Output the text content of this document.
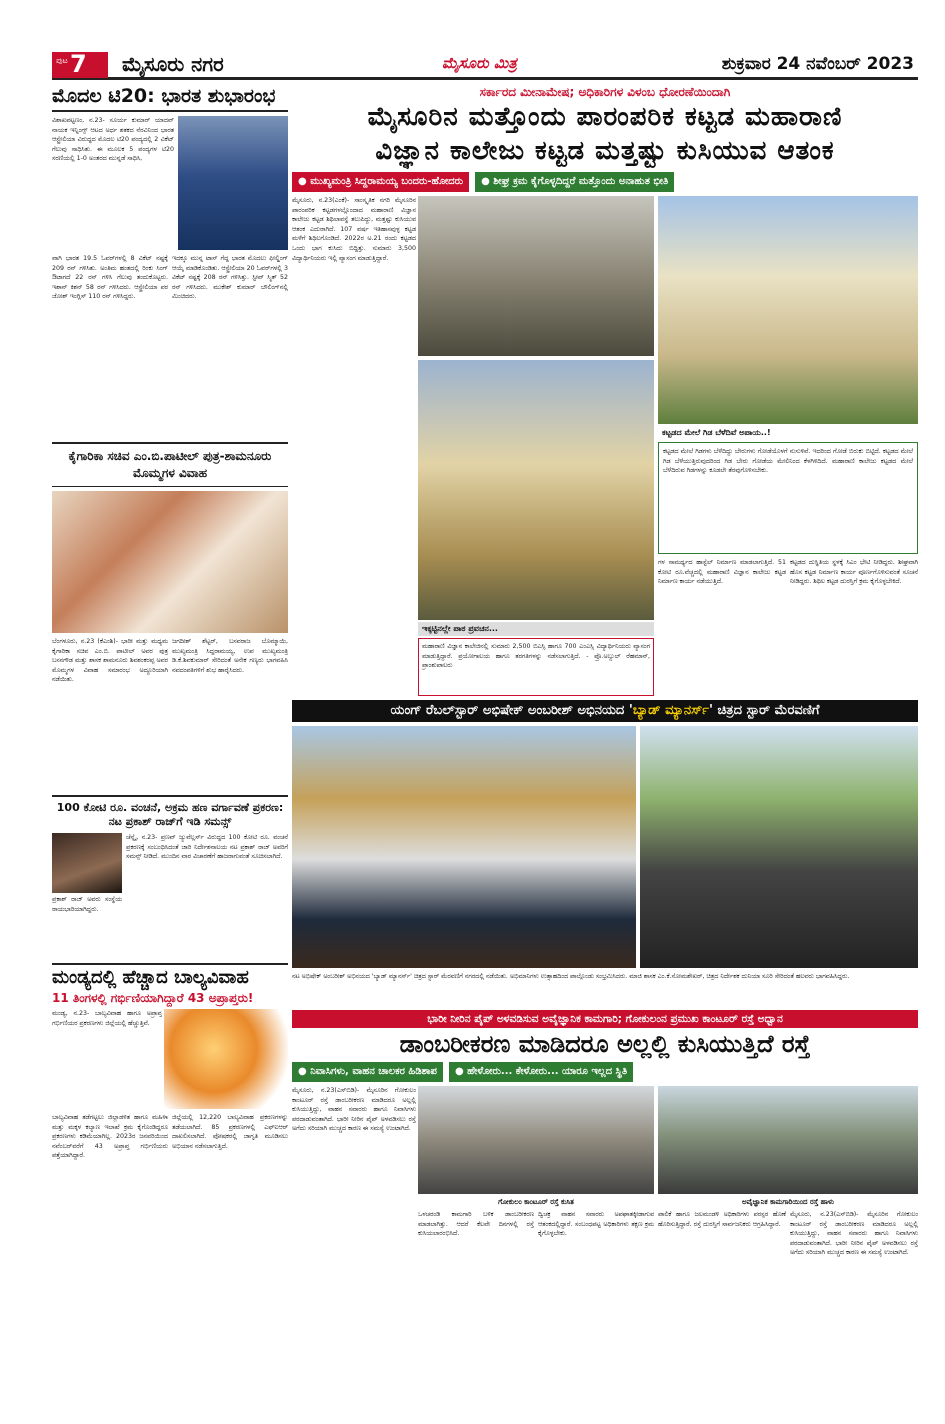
ಪುಟ 7 ಮೈಸೂರು ನಗರ	ಮೈಸೂರು ಮಿತ್ರ	ಶುಕ್ರವಾರ 24 ನವೆಂಬರ್ 2023
ಮೊದಲ ಟಿ20: ಭಾರತ ಶುಭಾರಂಭ
ವಿಶಾಖಪಟ್ಟಣಂ, ನ.23- ಸೂರ್ಯ ಕುಮಾರ್ ಯಾದವ್ ನಾಯಕ ಇನ್ನಿಂಗ್ಸ್ ಆಟದ ಅರ್ಧ ಶತಕದ ನೆರವಿನಿಂದ ಭಾರತ ಆಸ್ಟ್ರೇಲಿಯಾ ವಿರುದ್ಧದ ಮೊದಲ ಟಿ20 ಪಂದ್ಯದಲ್ಲಿ 2 ವಿಕೆಟ್ ಗೆಲುವು ಸಾಧಿಸಿತು. ಈ ಮೂಲಕ 5 ಪಂದ್ಯಗಳ ಟಿ20 ಸರಣಿಯಲ್ಲಿ 1-0 ಅಂತರದ ಮುನ್ನಡೆ ಸಾಧಿಸಿ,
ವಾಗಿ ಭಾರತ 19.5 ಓವರ್‌ಗಳಲ್ಲಿ 8 ವಿಕೆಟ್ ನಷ್ಟಕ್ಕೆ 209 ರನ್ ಗಳಿಸಿತು. ಅಂತಿಮ ಹಂತದಲ್ಲಿ ರಿಂಕು ಸಿಂಗ್ ಔಟಾಗದೆ 22 ರನ್ ಗಳಿಸಿ ಗೆಲುವು ತಂದುಕೊಟ್ಟರು. ಇಶಾನ್ ಕಿಶನ್ 58 ರನ್ ಗಳಿಸಿದರು. ಆಸ್ಟ್ರೇಲಿಯಾ ಪರ ಜೋಶ್ ಇಂಗ್ಲಿಸ್ 110 ರನ್ ಗಳಿಸಿದ್ದರು.
ಇದಕ್ಕೂ ಮುನ್ನ ಟಾಸ್ ಗೆದ್ದ ಭಾರತ ಮೊದಲು ಫೀಲ್ಡಿಂಗ್ ಆಯ್ಕೆ ಮಾಡಿಕೊಂಡಿತು. ಆಸ್ಟ್ರೇಲಿಯಾ 20 ಓವರ್‌ಗಳಲ್ಲಿ 3 ವಿಕೆಟ್ ನಷ್ಟಕ್ಕೆ 208 ರನ್ ಗಳಿಸಿತ್ತು. ಸ್ಟೀವ್ ಸ್ಮಿತ್ 52 ರನ್ ಗಳಿಸಿದರು. ಮುಕೇಶ್ ಕುಮಾರ್ ಬೌಲಿಂಗ್‌ನಲ್ಲಿ ಮಿಂಚಿದರು.
ಕೈಗಾರಿಕಾ ಸಚಿವ ಎಂ.ಬಿ.ಪಾಟೀಲ್ ಪುತ್ರ-ಶಾಮನೂರು ಮೊಮ್ಮಗಳ ವಿವಾಹ
ಬೆಂಗಳೂರು, ನ.23 (ಕೆಎಂಶಿ)- ಭಾರೀ ಮತ್ತು ಮಧ್ಯಮ ಕೈಗಾರಿಕಾ ಸಚಿವ ಎಂ.ಬಿ. ಪಾಟೀಲ್ ಅವರ ಪುತ್ರ ಬಸನಗೌಡ ಮತ್ತು ಶಾಸಕ ಶಾಮನೂರು ಶಿವಶಂಕರಪ್ಪ ಅವರ ಮೊಮ್ಮಗಳ ವಿವಾಹ ಸಮಾರಂಭ ಅದ್ದೂರಿಯಾಗಿ ನಡೆಯಿತು.
ಜಗದೀಶ್ ಶೆಟ್ಟರ್, ಬಸವರಾಜ ಬೊಮ್ಮಾಯಿ, ಮುಖ್ಯಮಂತ್ರಿ ಸಿದ್ದರಾಮಯ್ಯ, ಉಪ ಮುಖ್ಯಮಂತ್ರಿ ಡಿ.ಕೆ.ಶಿವಕುಮಾರ್ ಸೇರಿದಂತೆ ಅನೇಕ ಗಣ್ಯರು ಭಾಗವಹಿಸಿ ನವದಂಪತಿಗಳಿಗೆ ಶುಭ ಹಾರೈಸಿದರು.
100 ಕೋಟಿ ರೂ. ವಂಚನೆ, ಅಕ್ರಮ ಹಣ ವರ್ಗಾವಣೆ ಪ್ರಕರಣ: ನಟ ಪ್ರಕಾಶ್ ರಾಜ್‌ಗೆ ಇಡಿ ಸಮನ್ಸ್
ಚೆನ್ನೈ, ನ.23- ಪ್ರಣವ್ ಜ್ಯುವೆಲ್ಲರ್ಸ್ ವಿರುದ್ಧದ 100 ಕೋಟಿ ರೂ. ವಂಚನೆ ಪ್ರಕರಣಕ್ಕೆ ಸಂಬಂಧಿಸಿದಂತೆ ಜಾರಿ ನಿರ್ದೇಶನಾಲಯ ನಟ ಪ್ರಕಾಶ್ ರಾಜ್ ಅವರಿಗೆ ಸಮನ್ಸ್ ನೀಡಿದೆ. ಮುಂದಿನ ವಾರ ವಿಚಾರಣೆಗೆ ಹಾಜರಾಗುವಂತೆ ಸೂಚಿಸಲಾಗಿದೆ.
ಪ್ರಕಾಶ್ ರಾಜ್ ಅವರು ಸಂಸ್ಥೆಯ ರಾಯಭಾರಿಯಾಗಿದ್ದರು.
ಮಂಡ್ಯದಲ್ಲಿ ಹೆಚ್ಚಾದ ಬಾಲ್ಯವಿವಾಹ
11 ತಿಂಗಳಲ್ಲಿ ಗರ್ಭಿಣಿಯಾಗಿದ್ದಾರೆ 43 ಅಪ್ರಾಪ್ತರು!
ಮಂಡ್ಯ, ನ.23- ಬಾಲ್ಯವಿವಾಹ ಹಾಗೂ ಅಪ್ರಾಪ್ತ ಗರ್ಭಿಣಿಯರ ಪ್ರಕರಣಗಳು ಜಿಲ್ಲೆಯಲ್ಲಿ ಹೆಚ್ಚುತ್ತಿವೆ.
ಬಾಲ್ಯವಿವಾಹ ತಡೆಗಟ್ಟಲು ಜಿಲ್ಲಾಡಳಿತ ಹಾಗೂ ಮಹಿಳಾ ಮತ್ತು ಮಕ್ಕಳ ಕಲ್ಯಾಣ ಇಲಾಖೆ ಕ್ರಮ ಕೈಗೊಂಡಿದ್ದರೂ ಪ್ರಕರಣಗಳು ಕಡಿಮೆಯಾಗಿಲ್ಲ. 2023ರ ಜನವರಿಯಿಂದ ನವೆಂಬರ್‌ವರೆಗೆ 43 ಅಪ್ರಾಪ್ತ ಗರ್ಭಿಣಿಯರು ಪತ್ತೆಯಾಗಿದ್ದಾರೆ.
ಜಿಲ್ಲೆಯಲ್ಲಿ 12,220 ಬಾಲ್ಯವಿವಾಹ ಪ್ರಕರಣಗಳನ್ನು ತಡೆಯಲಾಗಿದೆ. 85 ಪ್ರಕರಣಗಳಲ್ಲಿ ಎಫ್‌ಐಆರ್ ದಾಖಲಿಸಲಾಗಿದೆ. ಪೋಷಕರಲ್ಲಿ ಜಾಗೃತಿ ಮೂಡಿಸಲು ಅಭಿಯಾನ ನಡೆಸಲಾಗುತ್ತಿದೆ.
ಸರ್ಕಾರದ ಮೀನಾಮೇಷ; ಅಧಿಕಾರಿಗಳ ವಿಳಂಬ ಧೋರಣೆಯಿಂದಾಗಿ
ಮೈಸೂರಿನ ಮತ್ತೊಂದು ಪಾರಂಪರಿಕ ಕಟ್ಟಡ ಮಹಾರಾಣಿ
ವಿಜ್ಞಾನ ಕಾಲೇಜು ಕಟ್ಟಡ ಮತ್ತಷ್ಟು ಕುಸಿಯುವ ಆತಂಕ
● ಮುಖ್ಯಮಂತ್ರಿ ಸಿದ್ದರಾಮಯ್ಯ ಬಂದರು-ಹೋದರು	● ಶೀಘ್ರ ಕ್ರಮ ಕೈಗೊಳ್ಳದಿದ್ದರೆ ಮತ್ತೊಂದು ಅನಾಹುತ ಭೀತಿ
ಮೈಸೂರು, ನ.23(ಎಂಕೆ)- ಸಾಂಸ್ಕೃತಿಕ ನಗರಿ ಮೈಸೂರಿನ ಪಾರಂಪರಿಕ ಕಟ್ಟಡಗಳಲ್ಲೊಂದಾದ ಮಹಾರಾಣಿ ವಿಜ್ಞಾನ ಕಾಲೇಜು ಕಟ್ಟಡ ಶಿಥಿಲಾವಸ್ಥೆ ತಲುಪಿದ್ದು, ಮತ್ತಷ್ಟು ಕುಸಿಯುವ ಆತಂಕ ಎದುರಾಗಿದೆ. 107 ವರ್ಷ ಇತಿಹಾಸವುಳ್ಳ ಕಟ್ಟಡ ಮಳೆಗೆ ಶಿಥಿಲಗೊಂಡಿದೆ. 2022ರ ಅ.21 ರಂದು ಕಟ್ಟಡದ ಒಂದು ಭಾಗ ಕುಸಿದು ಬಿದ್ದಿತ್ತು. ಸುಮಾರು 3,500 ವಿದ್ಯಾರ್ಥಿನಿಯರು ಇಲ್ಲಿ ವ್ಯಾಸಂಗ ಮಾಡುತ್ತಿದ್ದಾರೆ.
ಕಟ್ಟಡದ ಮೇಲೆ ಗಿಡ ಬೆಳೆದಿವೆ ಅಪಾಯ..!
ಕಟ್ಟಡದ ಮೇಲೆ ಗಿಡಗಳು ಬೆಳೆದಿದ್ದು ಬೇರುಗಳು ಗೋಡೆಯೊಳಗೆ ನುಸುಳಿವೆ. ಇದರಿಂದ ಗೋಡೆ ಬಿರುಕು ಬಿಟ್ಟಿದೆ. ಕಟ್ಟಡದ ಮೇಲೆ ಗಿಡ ಬೆಳೆಯುತ್ತಿರುವುದರಿಂದ ಗಿಡ ಬೇರು ಗೋಡೆಯ ಮೇಲಿನಿಂದ ಕೆಳಗಿಳಿದಿದೆ. ಮಹಾರಾಣಿ ಕಾಲೇಜು ಕಟ್ಟಡದ ಮೇಲೆ ಬೆಳೆದಿರುವ ಗಿಡಗಳನ್ನು ಕೂಡಲೇ ತೆರವುಗೊಳಿಸಬೇಕು.
ಇಕ್ಕಟ್ಟಿನಲ್ಲೇ ಪಾಠ ಪ್ರವಚನ...
ಮಹಾರಾಣಿ ವಿಜ್ಞಾನ ಕಾಲೇಜಿನಲ್ಲಿ ಸುಮಾರು 2,500 ಬಿಎಸ್ಸಿ ಹಾಗೂ 700 ಎಂಎಸ್ಸಿ ವಿದ್ಯಾರ್ಥಿನಿಯರು ವ್ಯಾಸಂಗ ಮಾಡುತ್ತಿದ್ದಾರೆ. ಪ್ರಯೋಗಾಲಯ ಹಾಗೂ ತರಗತಿಗಳನ್ನು ನಡೆಸಲಾಗುತ್ತಿದೆ. - ಪ್ರೊ.ಅಬ್ದುಲ್ ರೆಹಮಾನ್, ಪ್ರಾಂಶುಪಾಲರು
ಗಳ ಸಾಮರ್ಥ್ಯದ ಹಾಸ್ಟೆಲ್ ನಿರ್ಮಾಣ ಮಾಡಲಾಗುತ್ತಿದೆ. 51 ಕೋಟಿ ರೂ.ವೆಚ್ಚದಲ್ಲಿ ಮಹಾರಾಣಿ ವಿಜ್ಞಾನ ಕಾಲೇಜು ಕಟ್ಟಡ ನಿರ್ಮಾಣ ಕಾರ್ಯ ನಡೆಯುತ್ತಿದೆ.
ಕಟ್ಟಡದ ದುಸ್ಥಿತಿಯ ಸ್ಥಳಕ್ಕೆ ಸಿಎಂ ಭೇಟಿ ನೀಡಿದ್ದರು. ಶೀಘ್ರವಾಗಿ ಹೊಸ ಕಟ್ಟಡ ನಿರ್ಮಾಣ ಕಾರ್ಯ ಪೂರ್ಣಗೊಳಿಸುವಂತೆ ಸೂಚನೆ ನೀಡಿದ್ದರು. ಶಿಥಿಲ ಕಟ್ಟಡ ದುರಸ್ತಿಗೆ ಕ್ರಮ ಕೈಗೊಳ್ಳಬೇಕಿದೆ.
ಯಂಗ್ ರೆಬಲ್‌ಸ್ಟಾರ್ ಅಭಿಷೇಕ್ ಅಂಬರೀಶ್ ಅಭಿನಯದ 'ಬ್ಯಾಡ್ ಮ್ಯಾನರ್ಸ್' ಚಿತ್ರದ ಸ್ಟಾರ್ ಮೆರವಣಿಗೆ
ನಟ ಅಭಿಷೇಕ್ ಅಂಬರೀಶ್ ಅಭಿನಯದ 'ಬ್ಯಾಡ್ ಮ್ಯಾನರ್ಸ್' ಚಿತ್ರದ ಸ್ಟಾರ್ ಮೆರವಣಿಗೆ ನಗರದಲ್ಲಿ ನಡೆಯಿತು. ಅಭಿಮಾನಿಗಳು ಉತ್ಸಾಹದಿಂದ ಪಾಲ್ಗೊಂಡು ಸಂಭ್ರಮಿಸಿದರು. ಮಾಜಿ ಶಾಸಕ ಎಂ.ಕೆ.ಸೋಮಶೇಖರ್, ಚಿತ್ರದ ನಿರ್ದೇಶಕ ದುನಿಯಾ ಸೂರಿ ಸೇರಿದಂತೆ ಹಲವರು ಭಾಗವಹಿಸಿದ್ದರು.
ಭಾರೀ ನೀರಿನ ಪೈಪ್ ಅಳವಡಿಸುವ ಅವೈಜ್ಞಾನಿಕ ಕಾಮಗಾರಿ; ಗೋಕುಲಂನ ಪ್ರಮುಖ ಕಾಂಟೂರ್ ರಸ್ತೆ ಅಧ್ವಾನ
ಡಾಂಬರೀಕರಣ ಮಾಡಿದರೂ ಅಲ್ಲಲ್ಲಿ ಕುಸಿಯುತ್ತಿದೆ ರಸ್ತೆ
● ನಿವಾಸಿಗಳು, ವಾಹನ ಚಾಲಕರ ಹಿಡಿಶಾಪ	● ಹೇಳೋರು... ಕೇಳೋರು... ಯಾರೂ ಇಲ್ಲದ ಸ್ಥಿತಿ
ಮೈಸೂರು, ನ.23(ಎಸ್‌ಬಿಡಿ)- ಮೈಸೂರಿನ ಗೋಕುಲಂ ಕಾಂಟೂರ್ ರಸ್ತೆ ಡಾಂಬರೀಕರಣ ಮಾಡಿದರೂ ಅಲ್ಲಲ್ಲಿ ಕುಸಿಯುತ್ತಿದ್ದು, ವಾಹನ ಸವಾರರು ಹಾಗೂ ನಿವಾಸಿಗಳು ಪರದಾಡುವಂತಾಗಿದೆ. ಭಾರೀ ನೀರಿನ ಪೈಪ್ ಅಳವಡಿಸಲು ರಸ್ತೆ ಅಗೆದು ಸರಿಯಾಗಿ ಮುಚ್ಚದ ಕಾರಣ ಈ ಸಮಸ್ಯೆ ಉಂಟಾಗಿದೆ.
ಗೋಕುಲಂ ಕಾಂಟೂರ್ ರಸ್ತೆ ಕುಸಿತ	ಅವೈಜ್ಞಾನಿಕ ಕಾಮಗಾರಿಯಿಂದ ರಸ್ತೆ ಹಾಳು
ಒಳಚರಂಡಿ ಕಾಮಗಾರಿ ಬಳಿಕ ಡಾಂಬರೀಕರಣ ಮಾಡಲಾಗಿತ್ತು. ಆದರೆ ಕೆಲವೇ ದಿನಗಳಲ್ಲಿ ರಸ್ತೆ ಕುಸಿಯಲಾರಂಭಿಸಿದೆ.
ದ್ವಿಚಕ್ರ ವಾಹನ ಸವಾರರು ಅಪಘಾತಕ್ಕೀಡಾಗುವ ಆತಂಕದಲ್ಲಿದ್ದಾರೆ. ಸಂಬಂಧಪಟ್ಟ ಅಧಿಕಾರಿಗಳು ತಕ್ಷಣ ಕ್ರಮ ಕೈಗೊಳ್ಳಬೇಕು.
ಪಾಲಿಕೆ ಹಾಗೂ ಜಲಮಂಡಳಿ ಅಧಿಕಾರಿಗಳು ಪರಸ್ಪರ ಹೊಣೆ ಹೊರಿಸುತ್ತಿದ್ದಾರೆ. ರಸ್ತೆ ದುರಸ್ತಿಗೆ ಸಾರ್ವಜನಿಕರು ಆಗ್ರಹಿಸಿದ್ದಾರೆ.
ಮೈಸೂರು, ನ.23(ಎಸ್‌ಬಿಡಿ)- ಮೈಸೂರಿನ ಗೋಕುಲಂ ಕಾಂಟೂರ್ ರಸ್ತೆ ಡಾಂಬರೀಕರಣ ಮಾಡಿದರೂ ಅಲ್ಲಲ್ಲಿ ಕುಸಿಯುತ್ತಿದ್ದು, ವಾಹನ ಸವಾರರು ಹಾಗೂ ನಿವಾಸಿಗಳು ಪರದಾಡುವಂತಾಗಿದೆ. ಭಾರೀ ನೀರಿನ ಪೈಪ್ ಅಳವಡಿಸಲು ರಸ್ತೆ ಅಗೆದು ಸರಿಯಾಗಿ ಮುಚ್ಚದ ಕಾರಣ ಈ ಸಮಸ್ಯೆ ಉಂಟಾಗಿದೆ.
